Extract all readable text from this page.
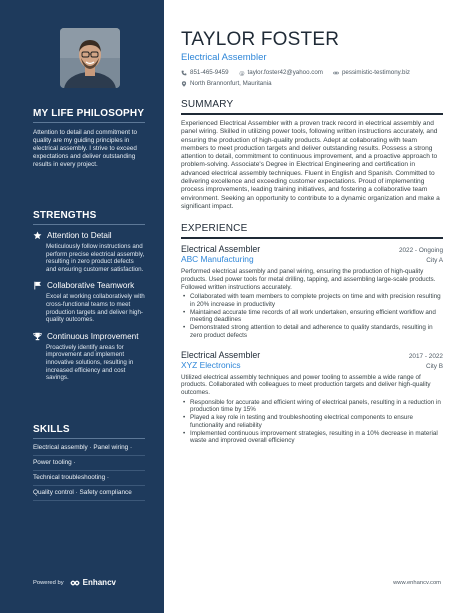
MY LIFE PHILOSOPHY
Attention to detail and commitment to quality are my guiding principles in electrical assembly. I strive to exceed expectations and deliver outstanding results in every project.
STRENGTHS
Attention to Detail
Meticulously follow instructions and perform precise electrical assembly, resulting in zero product defects and ensuring customer satisfaction.
Collaborative Teamwork
Excel at working collaboratively with cross-functional teams to meet production targets and deliver high-quality outcomes.
Continuous Improvement
Proactively identify areas for improvement and implement innovative solutions, resulting in increased efficiency and cost savings.
SKILLS
Electrical assembly · Panel wiring ·
Power tooling ·
Technical troubleshooting ·
Quality control · Safety compliance
Powered by Enhancv
TAYLOR FOSTER
Electrical Assembler
851-465-9459 @ taylor.foster42@yahoo.com	pessimistic-testimony.biz
North Brannonfurt, Mauritania
SUMMARY
Experienced Electrical Assembler with a proven track record in electrical assembly and panel wiring. Skilled in utilizing power tools, following written instructions accurately, and ensuring the production of high-quality products. Adept at collaborating with team members to meet production targets and deliver outstanding results. Possess a strong attention to detail, commitment to continuous improvement, and a proactive approach to problem-solving. Associate's Degree in Electrical Engineering and certification in advanced electrical assembly techniques. Fluent in English and Spanish. Committed to delivering excellence and exceeding customer expectations. Proud of implementing process improvements, leading training initiatives, and fostering a collaborative team environment. Seeking an opportunity to contribute to a dynamic organization and make a significant impact.
EXPERIENCE
Electrical Assembler	2022 - Ongoing
ABC Manufacturing	City A
Performed electrical assembly and panel wiring, ensuring the production of high-quality products. Used power tools for metal drilling, tapping, and assembling large-scale products. Followed written instructions accurately.
• Collaborated with team members to complete projects on time and with precision resulting in 20% increase in productivity
• Maintained accurate time records of all work undertaken, ensuring efficient workflow and meeting deadlines
• Demonstrated strong attention to detail and adherence to quality standards, resulting in zero product defects
Electrical Assembler	2017 - 2022
XYZ Electronics	City B
Utilized electrical assembly techniques and power tooling to assemble a wide range of products. Collaborated with colleagues to meet production targets and deliver high-quality outcomes.
• Responsible for accurate and efficient wiring of electrical panels, resulting in a reduction in production time by 15%
• Played a key role in testing and troubleshooting electrical components to ensure functionality and reliability
• Implemented continuous improvement strategies, resulting in a 10% decrease in material waste and improved overall efficiency
www.enhancv.com
